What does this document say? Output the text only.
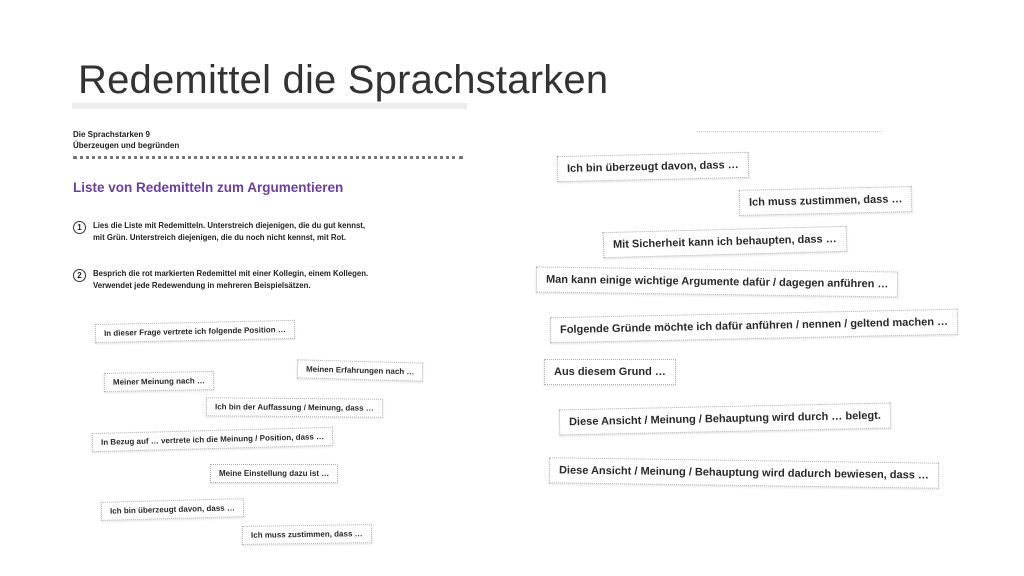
Redemittel die Sprachstarken
Die Sprachstarken 9
Überzeugen und begründen
Liste von Redemitteln zum Argumentieren
1	Lies die Liste mit Redemitteln. Unterstreich diejenigen, die du gut kennst, mit Grün. Unterstreich diejenigen, die du noch nicht kennst, mit Rot.
2	Besprich die rot markierten Redemittel mit einer Kollegin, einem Kollegen. Verwendet jede Redewendung in mehreren Beispielsätzen.
In dieser Frage vertrete ich folgende Position …
Meinen Erfahrungen nach …
Meiner Meinung nach …
Ich bin der Auffassung / Meinung, dass …
In Bezug auf … vertrete ich die Meinung / Position, dass …
Meine Einstellung dazu ist …
Ich bin überzeugt davon, dass …
Ich muss zustimmen, dass …
Ich bin überzeugt davon, dass …
Ich muss zustimmen, dass …
Mit Sicherheit kann ich behaupten, dass …
Man kann einige wichtige Argumente dafür / dagegen anführen …
Folgende Gründe möchte ich dafür anführen / nennen / geltend machen …
Aus diesem Grund …
Diese Ansicht / Meinung / Behauptung wird durch … belegt.
Diese Ansicht / Meinung / Behauptung wird dadurch bewiesen, dass …
